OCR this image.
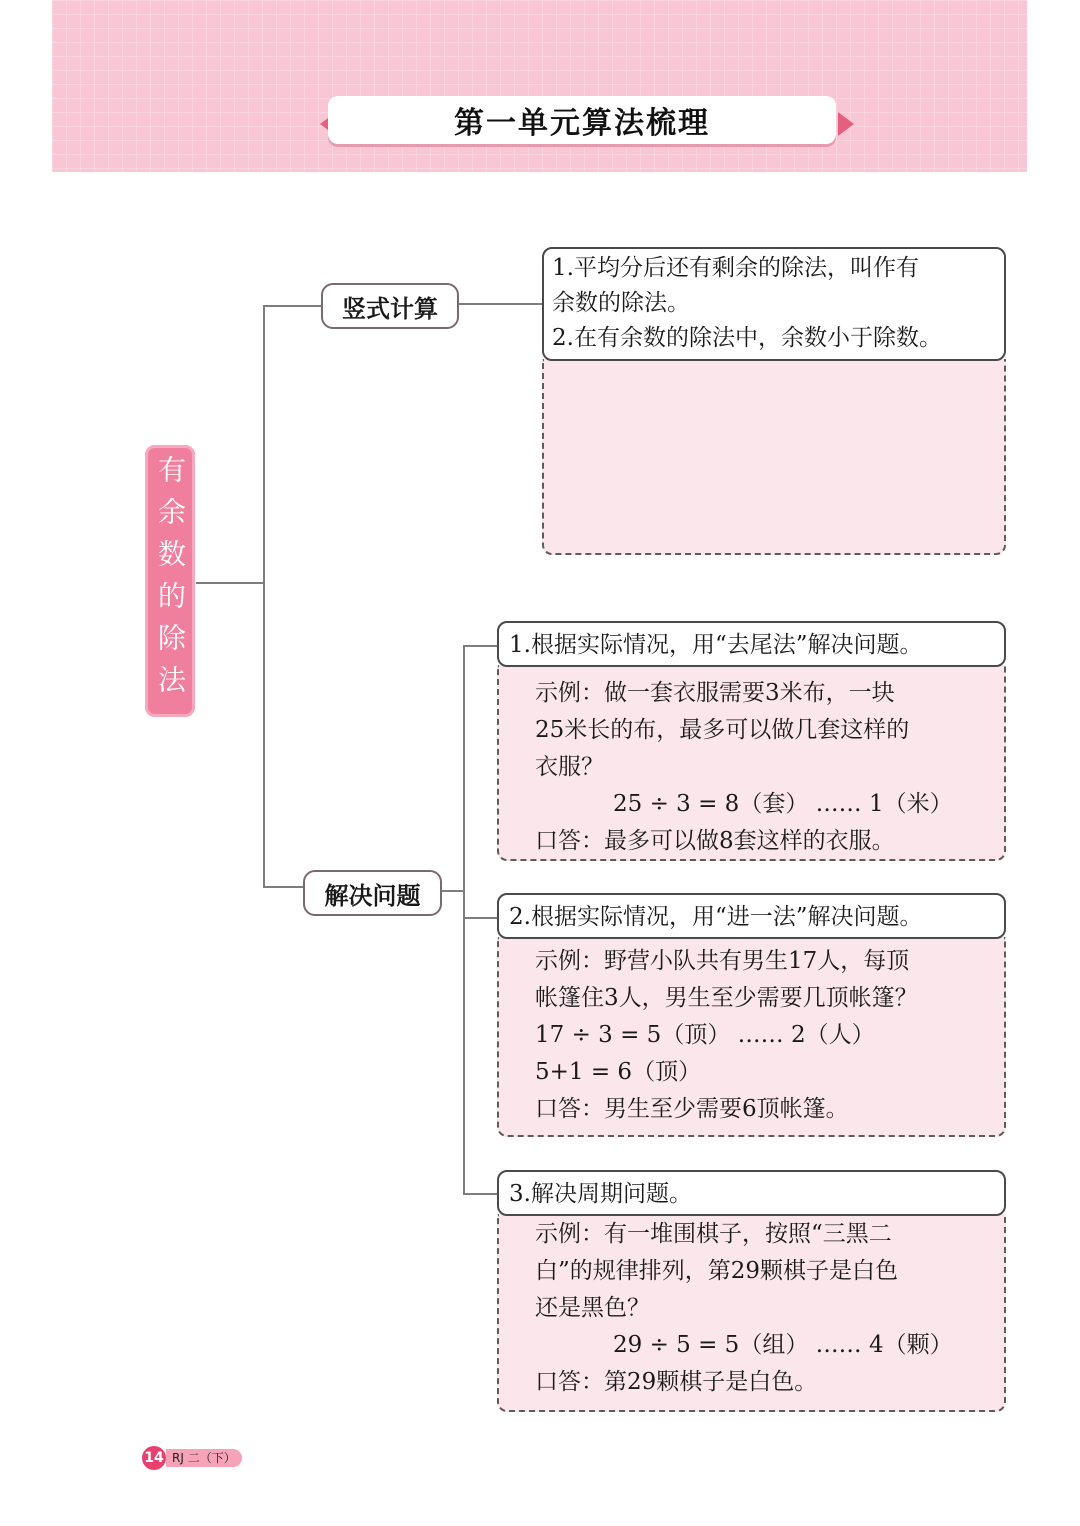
第一单元算法梳理
有余数的除法
竖式计算
解决问题
1.平均分后还有剩余的除法，叫作有
余数的除法。
2.在有余数的除法中，余数小于除数。
1.根据实际情况，用“去尾法”解决问题。
示例：做一套衣服需要3米布，一块
25米长的布，最多可以做几套这样的
衣服？
25 ÷ 3 = 8（套） …… 1（米）
口答：最多可以做8套这样的衣服。
2.根据实际情况，用“进一法”解决问题。
示例：野营小队共有男生17人，每顶
帐篷住3人，男生至少需要几顶帐篷？
17 ÷ 3 = 5（顶） …… 2（人）
5+1 = 6（顶）
口答：男生至少需要6顶帐篷。
3.解决周期问题。
示例：有一堆围棋子，按照“三黑二
白”的规律排列，第29颗棋子是白色
还是黑色？
29 ÷ 5 = 5（组） …… 4（颗）
口答：第29颗棋子是白色。
14 RJ 二（下）
